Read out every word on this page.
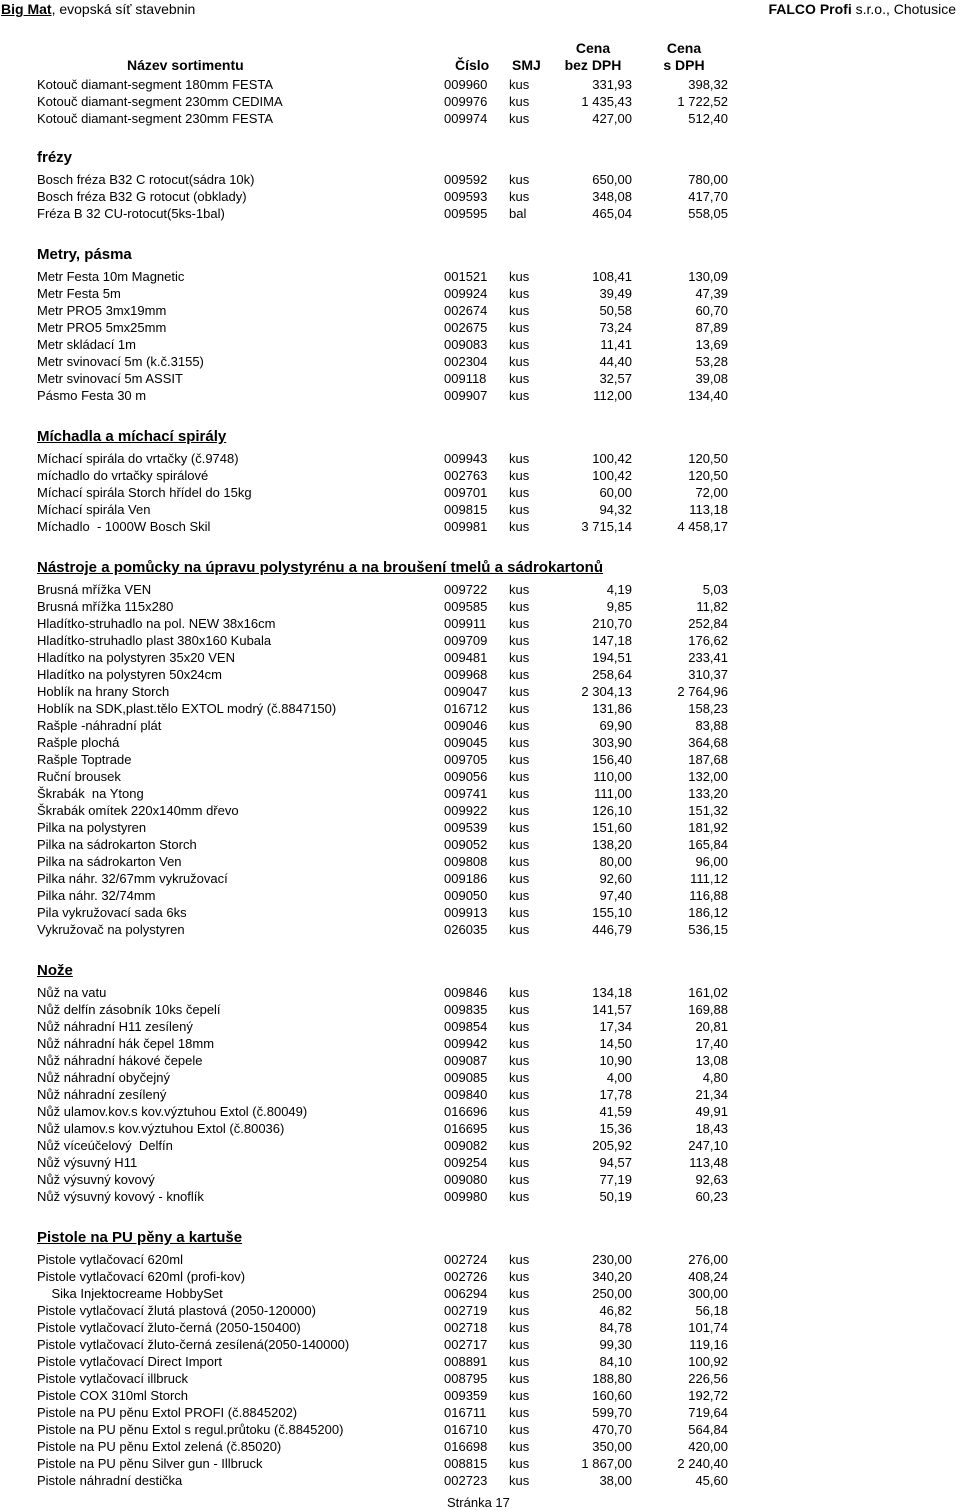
Big Mat, evopská síť stavebnin	FALCO Profi s.r.o., Chotusice
Název sortimentu	Číslo SMJ
Cena
bez DPH
Cena
s DPH
Kotouč diamant-segment 180mm FESTA	009960 kus	331,93	398,32
Kotouč diamant-segment 230mm CEDIMA	009976 kus	1 435,43	1 722,52
Kotouč diamant-segment 230mm FESTA	009974 kus	427,00	512,40
frézy
Bosch fréza B32 C rotocut(sádra 10k)	009592 kus	650,00	780,00
Bosch fréza B32 G rotocut (obklady)	009593 kus	348,08	417,70
Fréza B 32 CU-rotocut(5ks-1bal)	009595 bal	465,04	558,05
Metry, pásma
Metr Festa 10m Magnetic	001521 kus	108,41	130,09
Metr Festa 5m	009924 kus	39,49	47,39
Metr PRO5 3mx19mm	002674 kus	50,58	60,70
Metr PRO5 5mx25mm	002675 kus	73,24	87,89
Metr skládací 1m	009083 kus	11,41	13,69
Metr svinovací 5m (k.č.3155)	002304 kus	44,40	53,28
Metr svinovací 5m ASSIT	009118 kus	32,57	39,08
Pásmo Festa 30 m	009907 kus	112,00	134,40
Míchadla a míchací spirály
Míchací spirála do vrtačky (č.9748)	009943 kus	100,42	120,50
míchadlo do vrtačky spirálové	002763 kus	100,42	120,50
Míchací spirála Storch hřídel do 15kg	009701 kus	60,00	72,00
Míchací spirála Ven	009815 kus	94,32	113,18
Míchadlo  - 1000W Bosch Skil	009981 kus	3 715,14	4 458,17
Nástroje a pomůcky na úpravu polystyrénu a na broušení tmelů a sádrokartonů
Brusná mřížka VEN	009722 kus	4,19	5,03
Brusná mřížka 115x280	009585 kus	9,85	11,82
Hladítko-struhadlo na pol. NEW 38x16cm	009911 kus	210,70	252,84
Hladítko-struhadlo plast 380x160 Kubala	009709 kus	147,18	176,62
Hladítko na polystyren 35x20 VEN	009481 kus	194,51	233,41
Hladítko na polystyren 50x24cm	009968 kus	258,64	310,37
Hoblík na hrany Storch	009047 kus	2 304,13	2 764,96
Hoblík na SDK,plast.tělo EXTOL modrý (č.8847150)	016712 kus	131,86	158,23
Rašple -náhradní plát	009046 kus	69,90	83,88
Rašple plochá	009045 kus	303,90	364,68
Rašple Toptrade	009705 kus	156,40	187,68
Ruční brousek	009056 kus	110,00	132,00
Škrabák  na Ytong	009741 kus	111,00	133,20
Škrabák omítek 220x140mm dřevo	009922 kus	126,10	151,32
Pilka na polystyren	009539 kus	151,60	181,92
Pilka na sádrokarton Storch	009052 kus	138,20	165,84
Pilka na sádrokarton Ven	009808 kus	80,00	96,00
Pilka náhr. 32/67mm vykružovací	009186 kus	92,60	111,12
Pilka náhr. 32/74mm	009050 kus	97,40	116,88
Pila vykružovací sada 6ks	009913 kus	155,10	186,12
Vykružovač na polystyren	026035 kus	446,79	536,15
Nože
Nůž na vatu	009846 kus	134,18	161,02
Nůž delfín zásobník 10ks čepelí	009835 kus	141,57	169,88
Nůž náhradní H11 zesílený	009854 kus	17,34	20,81
Nůž náhradní hák čepel 18mm	009942 kus	14,50	17,40
Nůž náhradní hákové čepele	009087 kus	10,90	13,08
Nůž náhradní obyčejný	009085 kus	4,00	4,80
Nůž náhradní zesílený	009840 kus	17,78	21,34
Nůž ulamov.kov.s kov.výztuhou Extol (č.80049)	016696 kus	41,59	49,91
Nůž ulamov.s kov.výztuhou Extol (č.80036)	016695 kus	15,36	18,43
Nůž víceúčelový  Delfín	009082 kus	205,92	247,10
Nůž výsuvný H11	009254 kus	94,57	113,48
Nůž výsuvný kovový	009080 kus	77,19	92,63
Nůž výsuvný kovový - knoflík	009980 kus	50,19	60,23
Pistole na PU pěny a kartuše
Pistole vytlačovací 620ml	002724 kus	230,00	276,00
Pistole vytlačovací 620ml (profi-kov)	002726 kus	340,20	408,24
Sika Injektocreame HobbySet	006294 kus	250,00	300,00
Pistole vytlačovací žlutá plastová (2050-120000)	002719 kus	46,82	56,18
Pistole vytlačovací žluto-černá (2050-150400)	002718 kus	84,78	101,74
Pistole vytlačovací žluto-černá zesílená(2050-140000)	002717 kus	99,30	119,16
Pistole vytlačovací Direct Import	008891 kus	84,10	100,92
Pistole vytlačovací illbruck	008795 kus	188,80	226,56
Pistole COX 310ml Storch	009359 kus	160,60	192,72
Pistole na PU pěnu Extol PROFI (č.8845202)	016711 kus	599,70	719,64
Pistole na PU pěnu Extol s regul.průtoku (č.8845200)	016710 kus	470,70	564,84
Pistole na PU pěnu Extol zelená (č.85020)	016698 kus	350,00	420,00
Pistole na PU pěnu Silver gun - Illbruck	008815 kus	1 867,00	2 240,40
Pistole náhradní destička	002723 kus	38,00	45,60
Stránka 17
